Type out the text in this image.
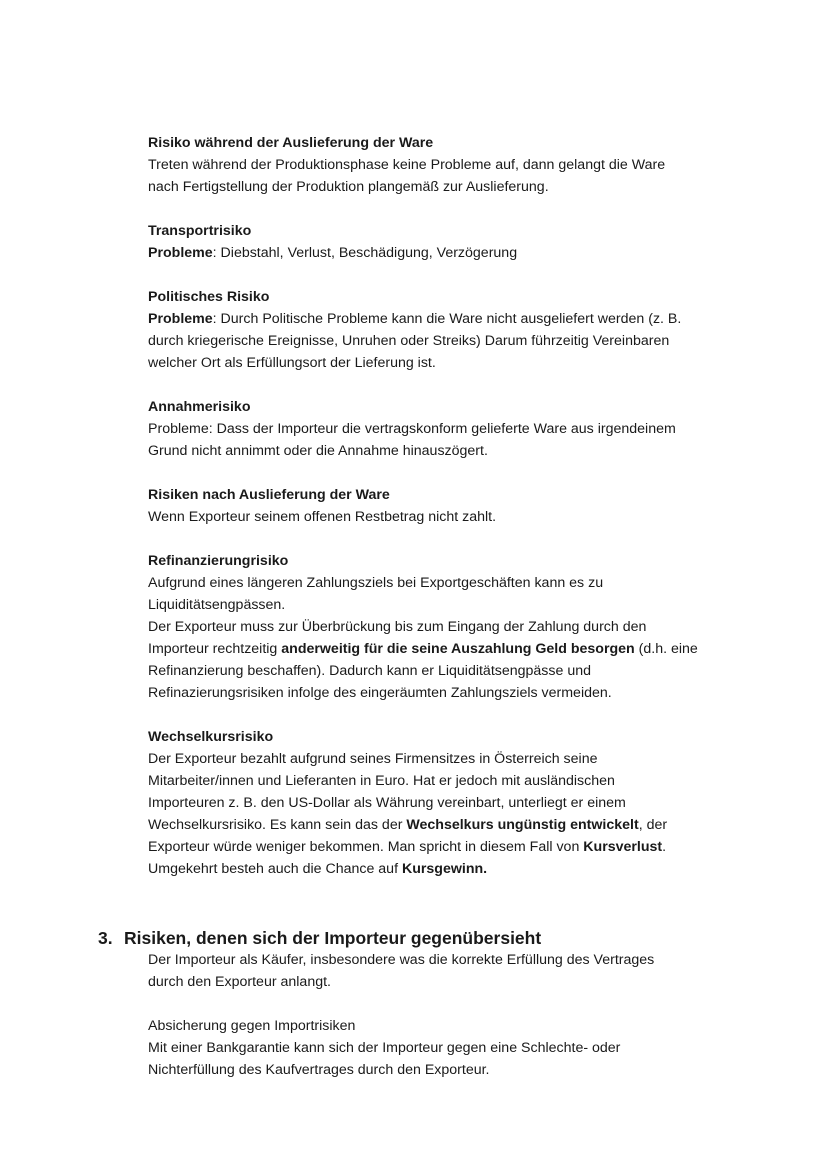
Risiko während der Auslieferung der Ware

Treten während der Produktionsphase keine Probleme auf, dann gelangt die Ware

nach Fertigstellung der Produktion plangemäß zur Auslieferung.

Transportrisiko

Probleme: Diebstahl, Verlust, Beschädigung, Verzögerung

Politisches Risiko

Probleme: Durch Politische Probleme kann die Ware nicht ausgeliefert werden (z. B.

durch kriegerische Ereignisse, Unruhen oder Streiks) Darum führzeitig Vereinbaren

welcher Ort als Erfüllungsort der Lieferung ist.

Annahmerisiko

Probleme: Dass der Importeur die vertragskonform gelieferte Ware aus irgendeinem

Grund nicht annimmt oder die Annahme hinauszögert.

Risiken nach Auslieferung der Ware

Wenn Exporteur seinem offenen Restbetrag nicht zahlt.

Refinanzierungrisiko

Aufgrund eines längeren Zahlungsziels bei Exportgeschäften kann es zu

Liquiditätsengpässen.

Der Exporteur muss zur Überbrückung bis zum Eingang der Zahlung durch den

Importeur rechtzeitig anderweitig für die seine Auszahlung Geld besorgen (d.h. eine

Refinanzierung beschaffen). Dadurch kann er Liquiditätsengpässe und

Refinazierungsrisiken infolge des eingeräumten Zahlungsziels vermeiden.

Wechselkursrisiko

Der Exporteur bezahlt aufgrund seines Firmensitzes in Österreich seine

Mitarbeiter/innen und Lieferanten in Euro. Hat er jedoch mit ausländischen

Importeuren z. B. den US-Dollar als Währung vereinbart, unterliegt er einem

Wechselkursrisiko. Es kann sein das der Wechselkurs ungünstig entwickelt, der

Exporteur würde weniger bekommen. Man spricht in diesem Fall von Kursverlust.

Umgekehrt besteh auch die Chance auf Kursgewinn.

3. Risiken, denen sich der Importeur gegenübersieht

Der Importeur als Käufer, insbesondere was die korrekte Erfüllung des Vertrages

durch den Exporteur anlangt.

Absicherung gegen Importrisiken

Mit einer Bankgarantie kann sich der Importeur gegen eine Schlechte- oder

Nichterfüllung des Kaufvertrages durch den Exporteur.
